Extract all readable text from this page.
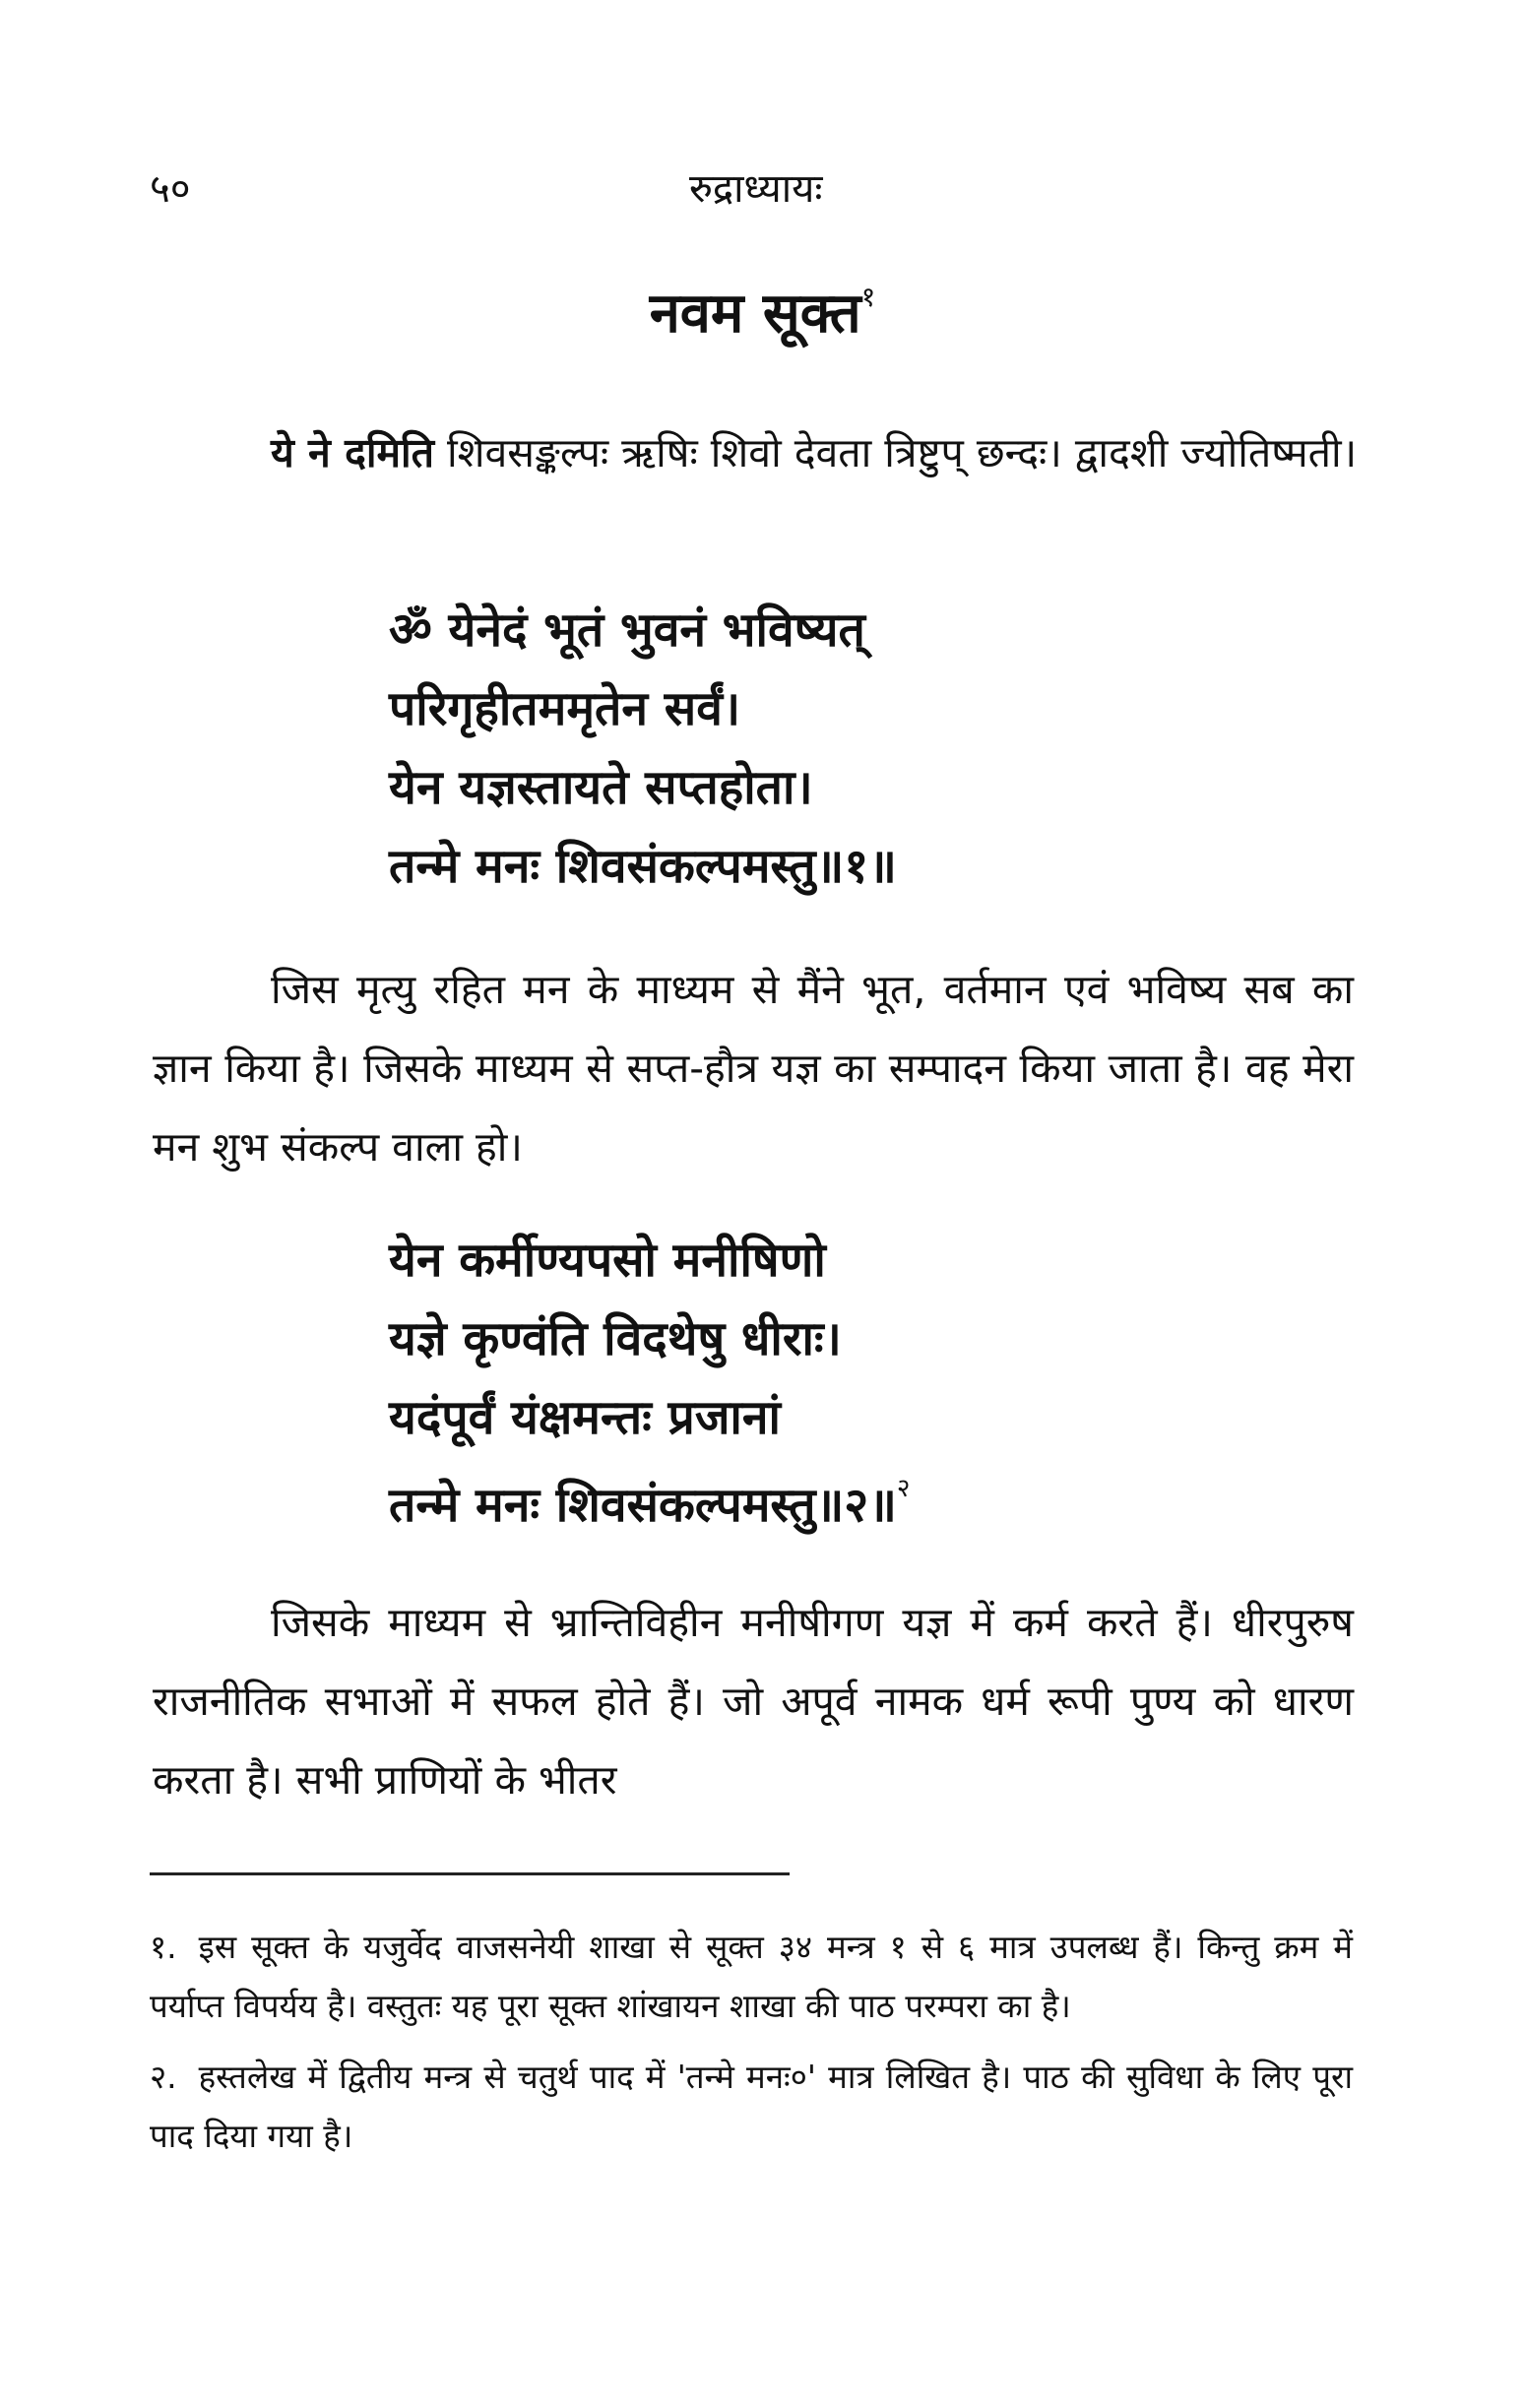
५०	रुद्राध्यायः
नवम सूक्त$^१$
ये ने दमिति शिवसङ्कल्पः ऋषिः शिवो देवता त्रिष्टुप् छन्दः। द्वादशी ज्योतिष्मती।
ॐ येनेदं भूतं भुवनं भविष्यत्
परिगृहीतममृतेन सर्वं।
येन यज्ञस्तायते सप्तहोता।
तन्मे मनः शिवसंकल्पमस्तु॥१॥
जिस मृत्यु रहित मन के माध्यम से मैंने भूत, वर्तमान एवं भविष्य सब का ज्ञान किया है। जिसके माध्यम से सप्त-हौत्र यज्ञ का सम्पादन किया जाता है। वह मेरा मन शुभ संकल्प वाला हो।
येन कर्मीण्यपसो मनीषिणो
यज्ञे कृण्वंति विदथेषु धीराः।
यदंपूर्वं यंक्षमन्तः प्रजानां
तन्मे मनः शिवसंकल्पमस्तु॥२॥$^२$
जिसके माध्यम से भ्रान्तिविहीन मनीषीगण यज्ञ में कर्म करते हैं। धीरपुरुष राजनीतिक सभाओं में सफल होते हैं। जो अपूर्व नामक धर्म रूपी पुण्य को धारण करता है। सभी प्राणियों के भीतर
१. इस सूक्त के यजुर्वेद वाजसनेयी शाखा से सूक्त ३४ मन्त्र १ से ६ मात्र उपलब्ध हैं। किन्तु क्रम में पर्याप्त विपर्यय है। वस्तुतः यह पूरा सूक्त शांखायन शाखा की पाठ परम्परा का है।
२. हस्तलेख में द्वितीय मन्त्र से चतुर्थ पाद में 'तन्मे मनः०' मात्र लिखित है। पाठ की सुविधा के लिए पूरा पाद दिया गया है।
